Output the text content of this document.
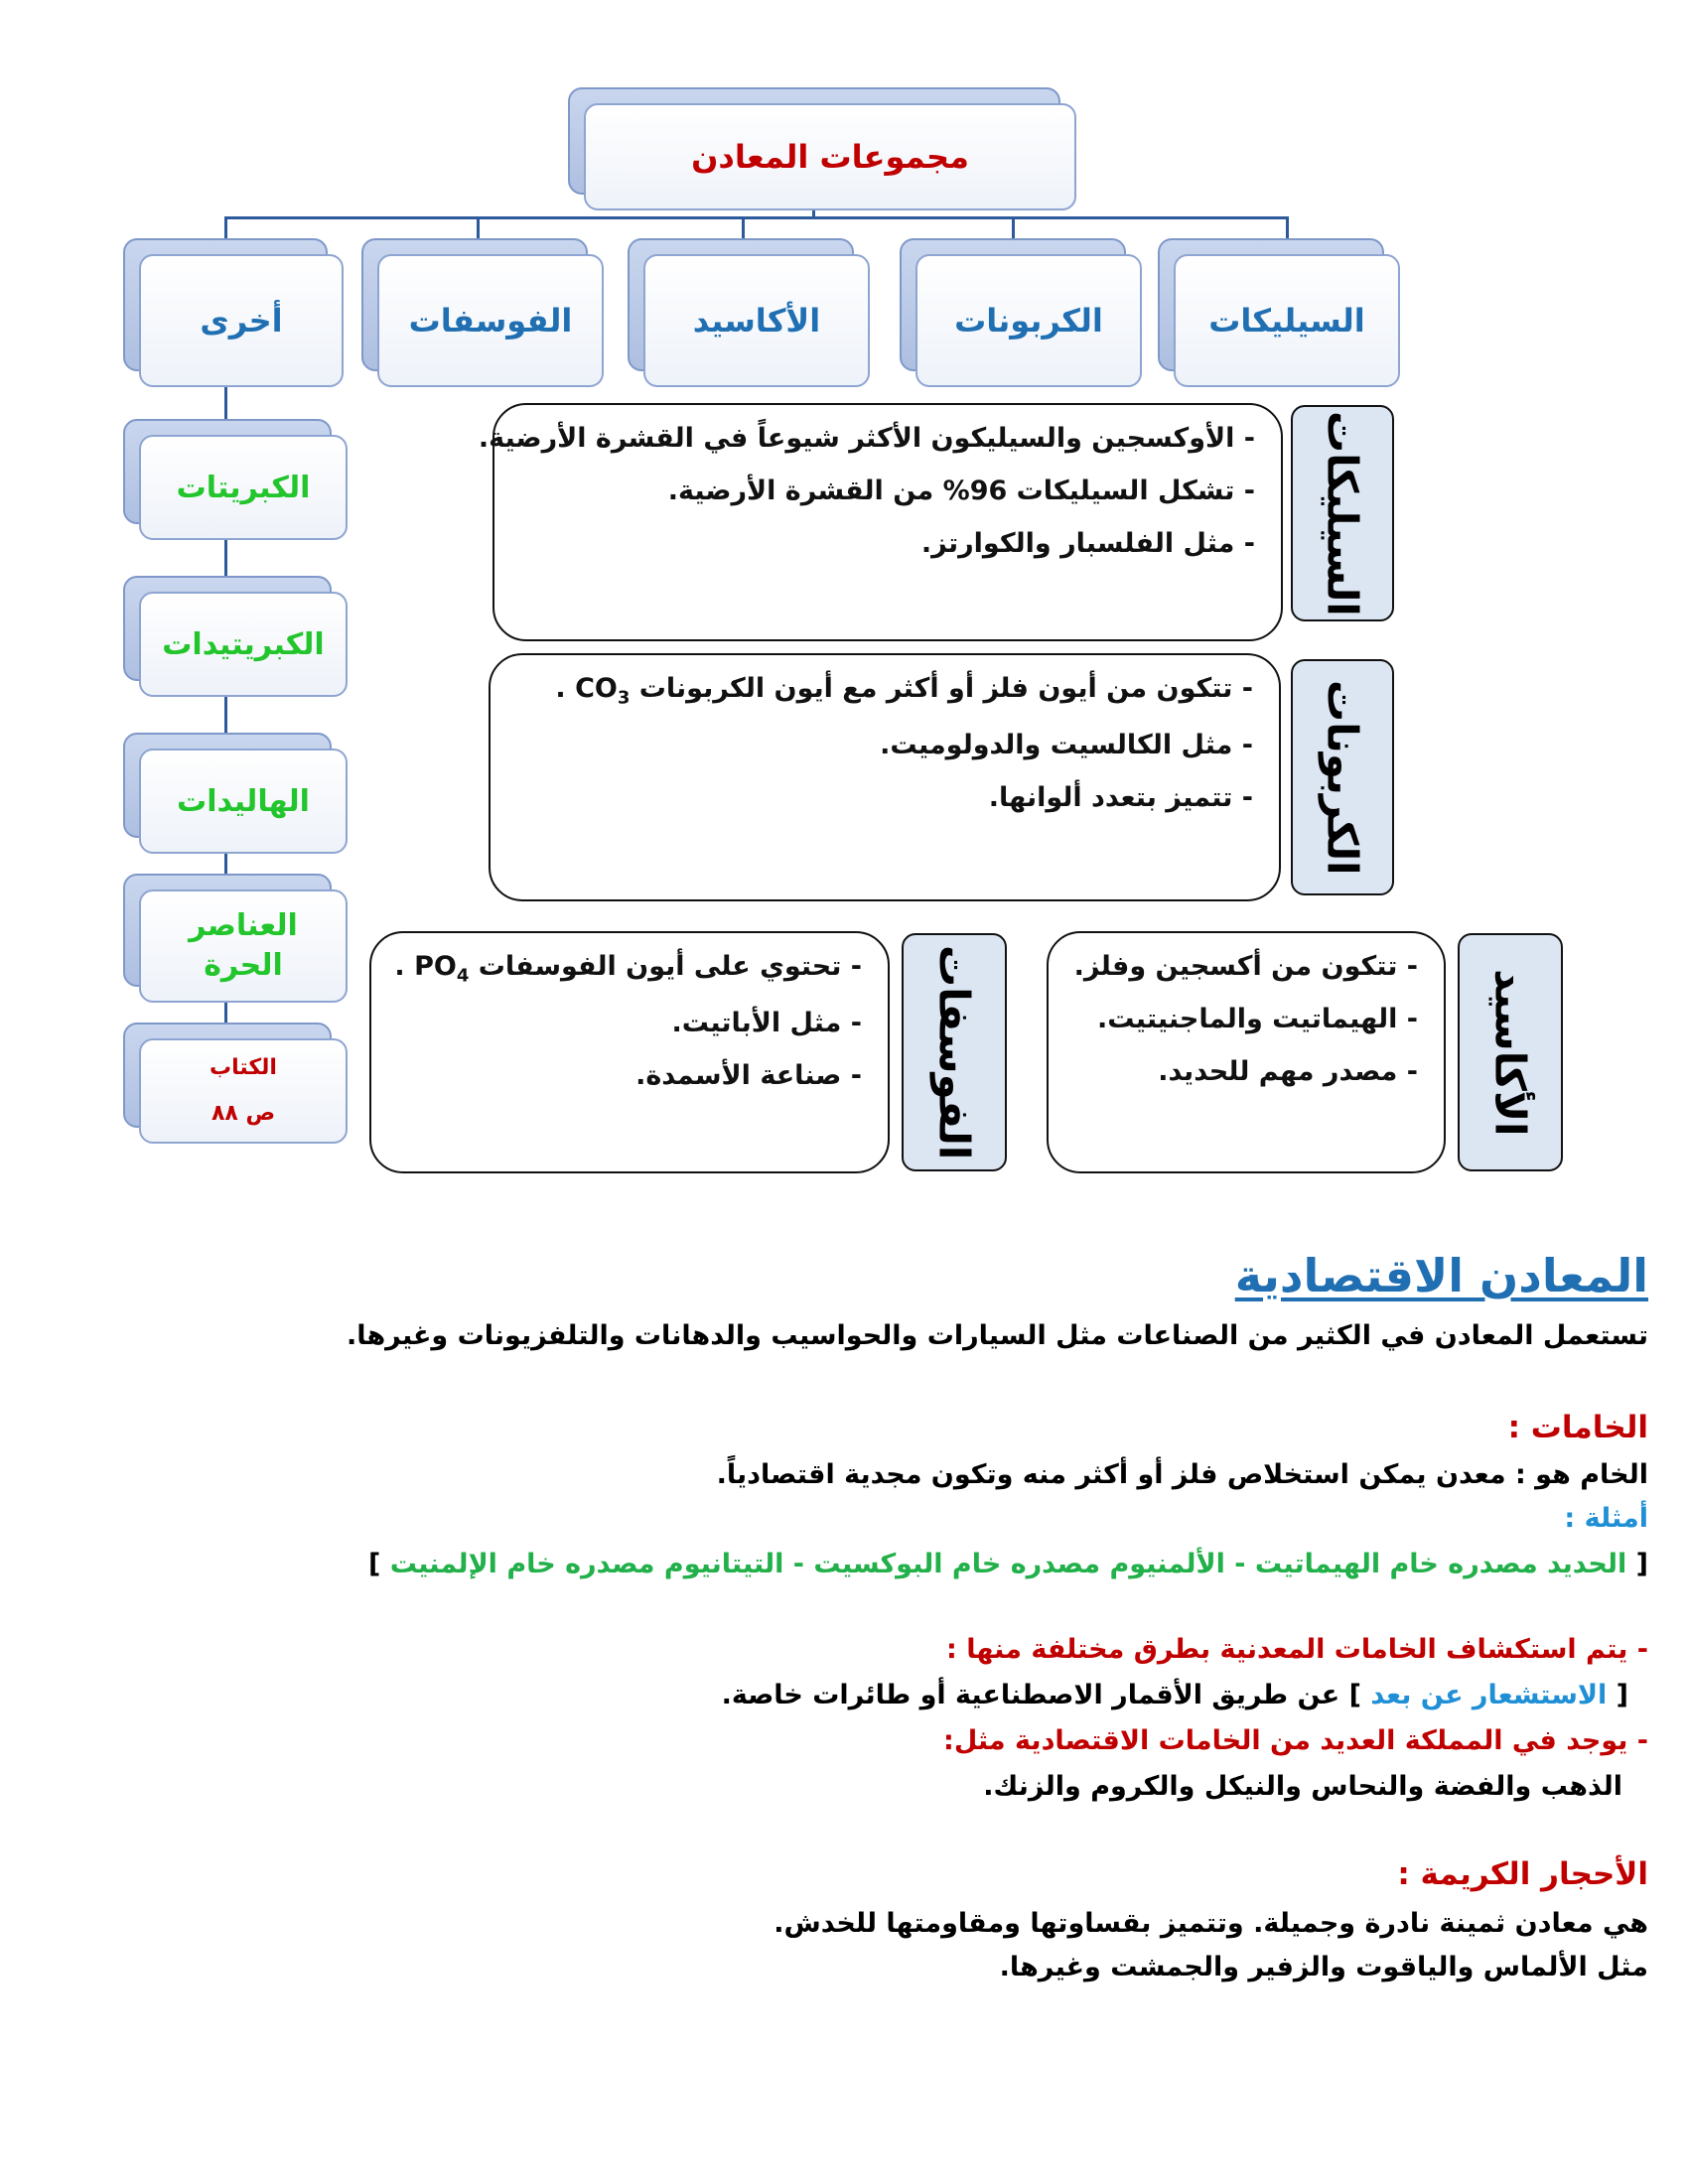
مجموعات المعادن
السيليكات
الكربونات
الأكاسيد
الفوسفات
أخرى
الكبريتات
الكبريتيدات
الهاليدات
العناصر الحرة
الكتاب
ص ٨٨
السيليكات

- الأوكسجين والسيليكون الأكثر شيوعاً في القشرة الأرضية.

- تشكل السيليكات 96% من القشرة الأرضية.

- مثل الفلسبار والكوارتز.

الكربونات

- تتكون من أيون فلز أو أكثر مع أيون الكربونات $CO_3$ .

- مثل الكالسيت والدولوميت.

- تتميز بتعدد ألوانها.

الأكاسيد

- تتكون من أكسجين وفلز.

- الهيماتيت والماجنيتيت.

- مصدر مهم للحديد.

الفوسفات

- تحتوي على أيون الفوسفات $PO_4$ .

- مثل الأباتيت.

- صناعة الأسمدة.

المعادن الاقتصادية
تستعمل المعادن في الكثير من الصناعات مثل السيارات والحواسيب والدهانات والتلفزيونات وغيرها.
الخامات :
الخام هو : معدن يمكن استخلاص فلز أو أكثر منه وتكون مجدية اقتصادياً.
أمثلة :
[ الحديد مصدره خام الهيماتيت - الألمنيوم مصدره خام البوكسيت - التيتانيوم مصدره خام الإلمنيت ]
- يتم استكشاف الخامات المعدنية بطرق مختلفة منها :
[ الاستشعار عن بعد ] عن طريق الأقمار الاصطناعية أو طائرات خاصة.
- يوجد في المملكة العديد من الخامات الاقتصادية مثل:
الذهب والفضة والنحاس والنيكل والكروم والزنك.
الأحجار الكريمة :
هي معادن ثمينة نادرة وجميلة. وتتميز بقساوتها ومقاومتها للخدش.
مثل الألماس والياقوت والزفير والجمشت وغيرها.
